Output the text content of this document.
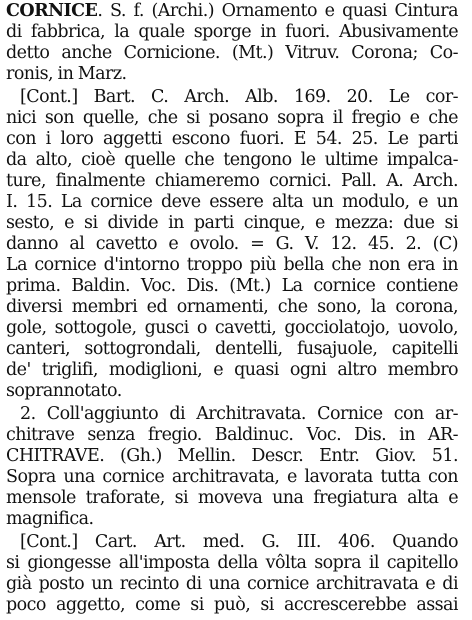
CORNICE. S. f. (Archi.) Ornamento e quasi Cintura
di fabbrica, la quale sporge in fuori. Abusivamente
detto anche Cornicione. (Mt.) Vitruv. Corona; Co-
ronis, in Marz.
[Cont.] Bart. C. Arch. Alb. 169. 20. Le cor-
nici son quelle, che si posano sopra il fregio e che
con i loro aggetti escono fuori. E 54. 25. Le parti
da alto, cioè quelle che tengono le ultime impalca-
ture, finalmente chiameremo cornici. Pall. A. Arch.
I. 15. La cornice deve essere alta un modulo, e un
sesto, e si divide in parti cinque, e mezza: due si
danno al cavetto e ovolo. = G. V. 12. 45. 2. (C)
La cornice d'intorno troppo più bella che non era in
prima. Baldin. Voc. Dis. (Mt.) La cornice contiene
diversi membri ed ornamenti, che sono, la corona,
gole, sottogole, gusci o cavetti, gocciolatojo, uovolo,
canteri, sottogrondali, dentelli, fusajuole, capitelli
de' triglifi, modiglioni, e quasi ogni altro membro
soprannotato.
2. Coll'aggiunto di Architravata. Cornice con ar-
chitrave senza fregio. Baldinuc. Voc. Dis. in AR-
CHITRAVE. (Gh.) Mellin. Descr. Entr. Giov. 51.
Sopra una cornice architravata, e lavorata tutta con
mensole traforate, si moveva una fregiatura alta e
magnifica.
[Cont.] Cart. Art. med. G. III. 406. Quando
si giongesse all'imposta della vôlta sopra il capitello
già posto un recinto di una cornice architravata e di
poco aggetto, come si può, si accrescerebbe assai
